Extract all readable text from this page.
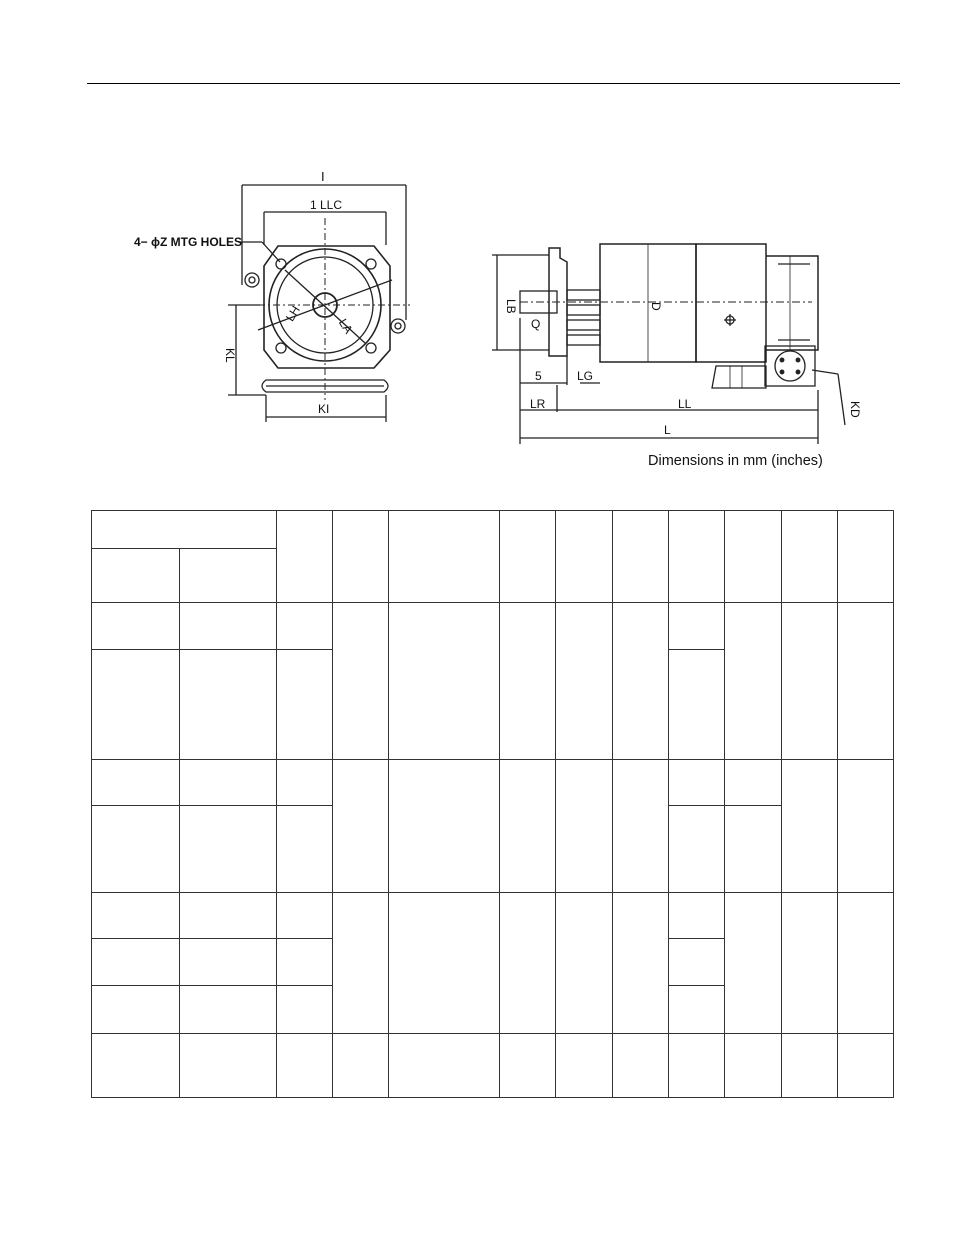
I
1 LLC
4− ϕZ MTG HOLES
LH
LA
KL
KI
LB
Q
D
5	LG
LR	LL
L
KD
Dimensions in mm (inches)
